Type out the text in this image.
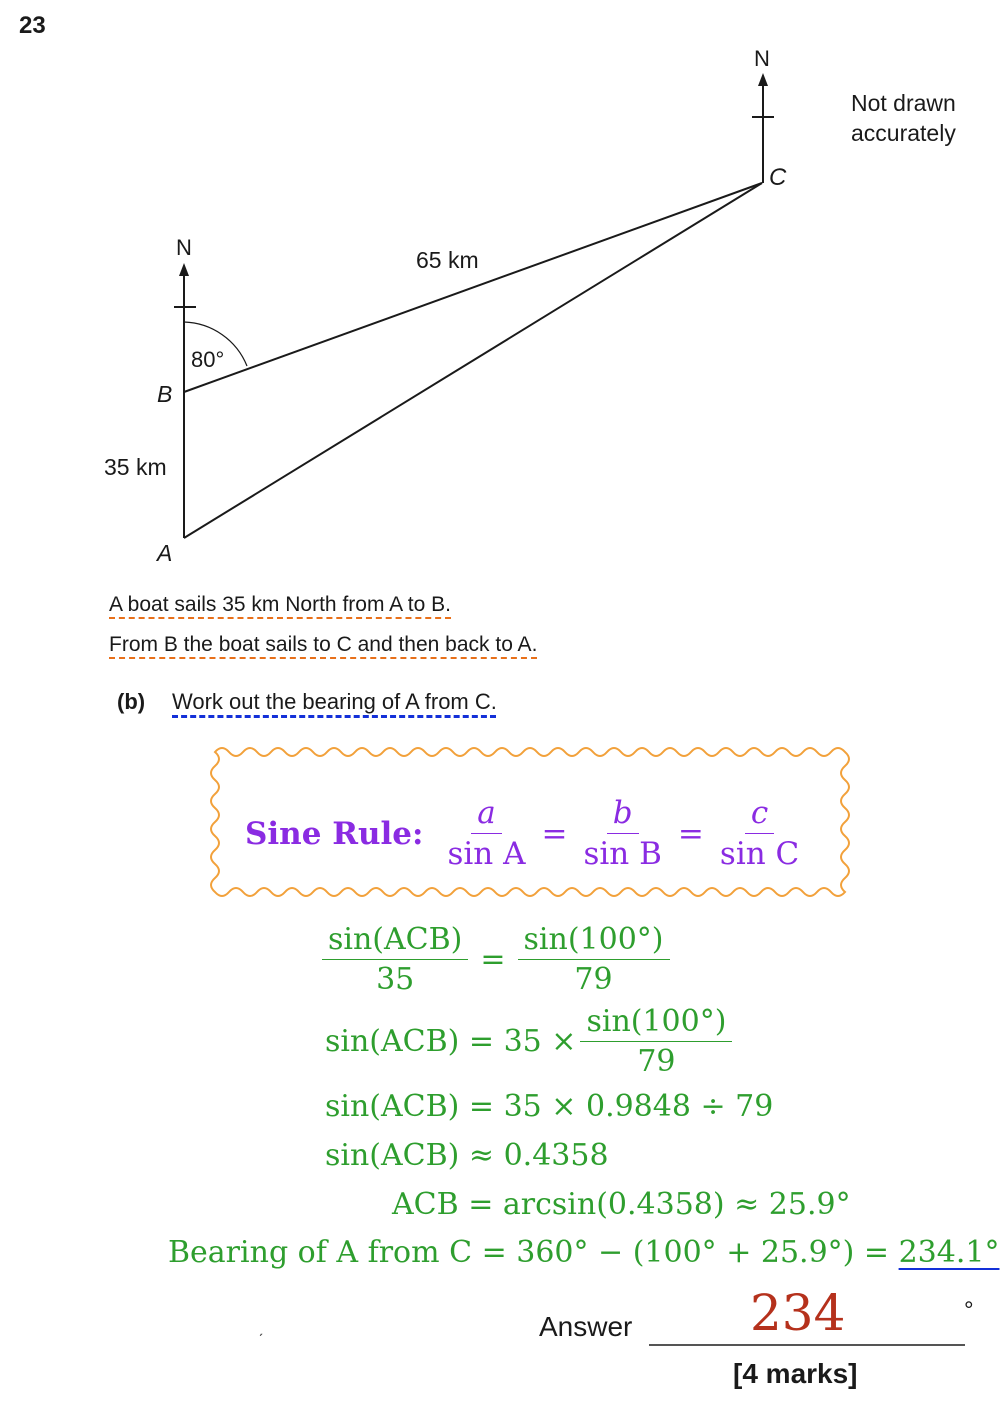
23
N
N
Not drawn
accurately
C
B
A
80°
65 km
35 km
A boat sails 35 km North from A to B.
From B the boat sails to C and then back to A.
(b) Work out the bearing of A from C.
Sine Rule: $\frac{a}{\text{sin A}} = \frac{b}{\text{sin B}} = \frac{c}{\text{sin C}}$
$\frac{\text{sin(ACB)}}{35} = \frac{\sin(100^\circ)}{79}$
$\sin(ACB) = 35 \times \frac{\sin(100^\circ)}{79}$
sin(ACB) = 35 × 0.9848 ÷ 79
sin(ACB) ≈ 0.4358
ACB = arcsin(0.4358) ≈ 25.9°
Bearing of A from C = 360° − (100° + 25.9°) = 234.1°
ˏ	Answer 234	°
[4 marks]
